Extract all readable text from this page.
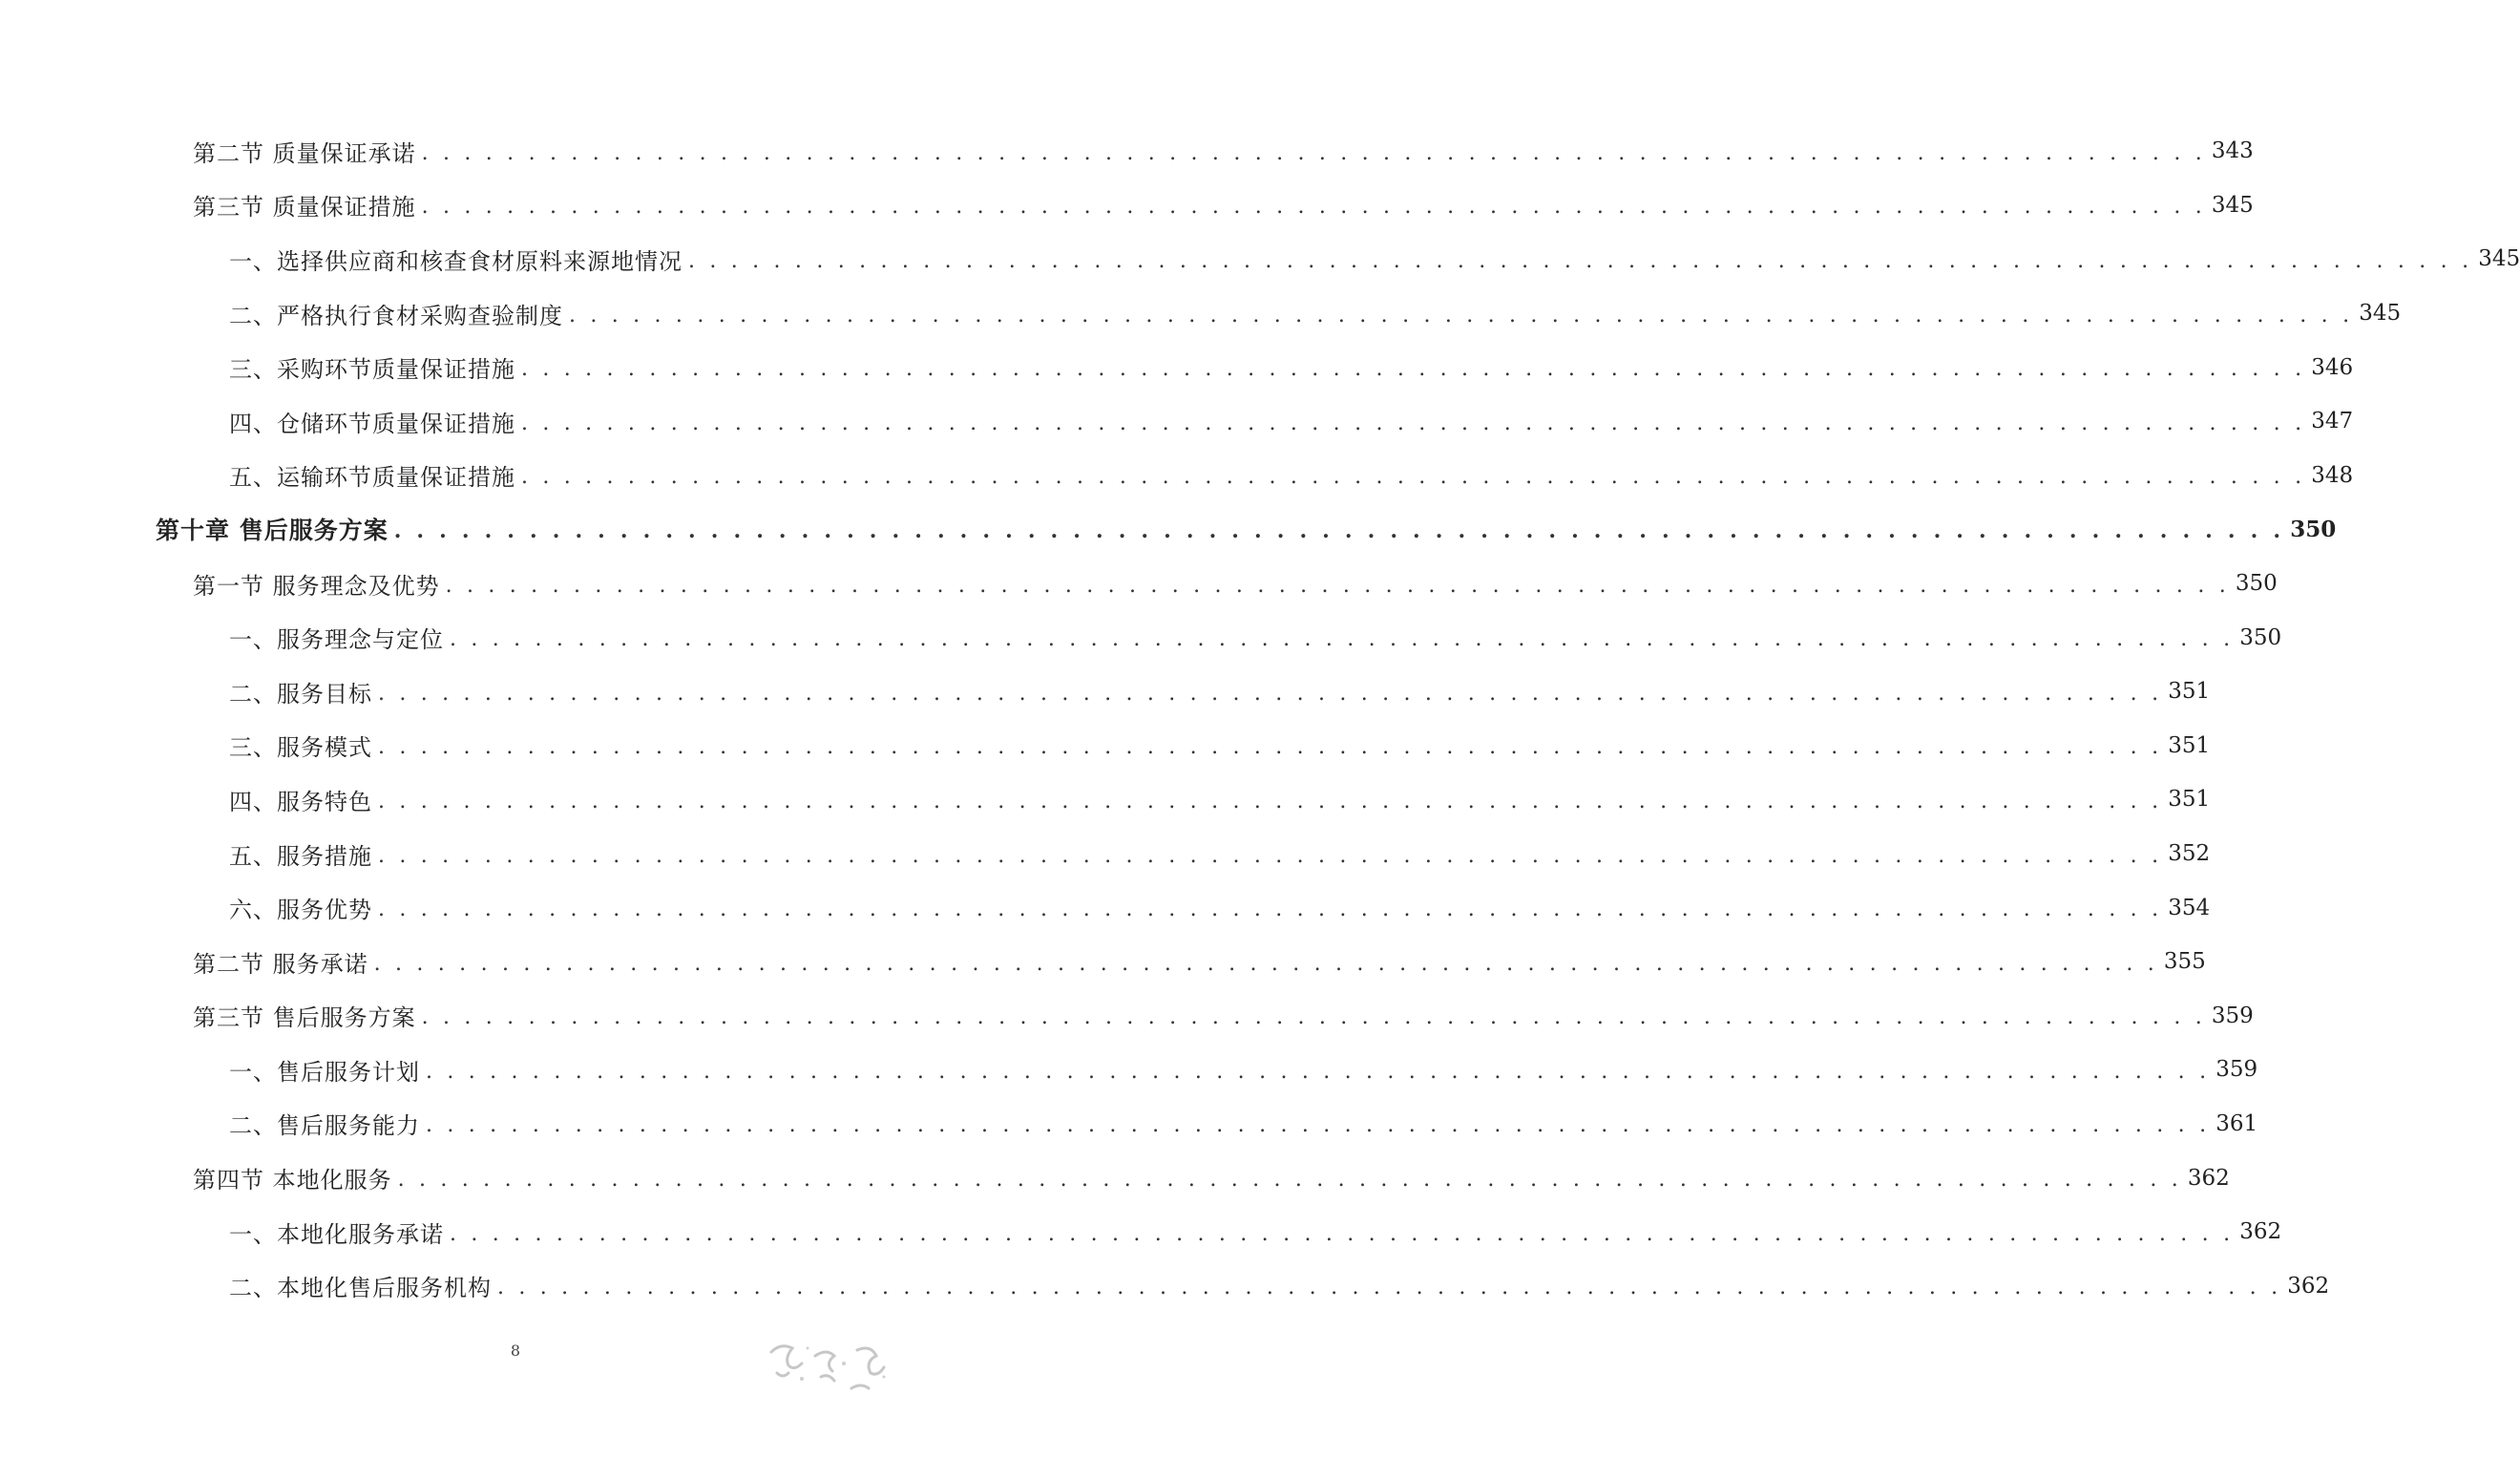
第二节 质量保证承诺 . . . . . . . . . . . . . . . . . . . . . . . . . . . . . . . . . . . . . . . . . . . . . . . . . . . . . . . . . . . . . . . . . . . . . . . . . . . . . . . . . . . . 343
第三节 质量保证措施 . . . . . . . . . . . . . . . . . . . . . . . . . . . . . . . . . . . . . . . . . . . . . . . . . . . . . . . . . . . . . . . . . . . . . . . . . . . . . . . . . . . . 345
一、选择供应商和核查食材原料来源地情况 . . . . . . . . . . . . . . . . . . . . . . . . . . . . . . . . . . . . . . . . . . . . . . . . . . . . . . . . . . . . . . . . . . . . . . . . . . . . . . . . . . . . 345
二、严格执行食材采购查验制度 . . . . . . . . . . . . . . . . . . . . . . . . . . . . . . . . . . . . . . . . . . . . . . . . . . . . . . . . . . . . . . . . . . . . . . . . . . . . . . . . . . . . 345
三、采购环节质量保证措施 . . . . . . . . . . . . . . . . . . . . . . . . . . . . . . . . . . . . . . . . . . . . . . . . . . . . . . . . . . . . . . . . . . . . . . . . . . . . . . . . . . . . 346
四、仓储环节质量保证措施 . . . . . . . . . . . . . . . . . . . . . . . . . . . . . . . . . . . . . . . . . . . . . . . . . . . . . . . . . . . . . . . . . . . . . . . . . . . . . . . . . . . . 347
五、运输环节质量保证措施 . . . . . . . . . . . . . . . . . . . . . . . . . . . . . . . . . . . . . . . . . . . . . . . . . . . . . . . . . . . . . . . . . . . . . . . . . . . . . . . . . . . . 348
第十章 售后服务方案 . . . . . . . . . . . . . . . . . . . . . . . . . . . . . . . . . . . . . . . . . . . . . . . . . . . . . . . . . . . . . . . . . . . . . . . . . . . . . . . . . . . . 350
第一节 服务理念及优势 . . . . . . . . . . . . . . . . . . . . . . . . . . . . . . . . . . . . . . . . . . . . . . . . . . . . . . . . . . . . . . . . . . . . . . . . . . . . . . . . . . . . 350
一、服务理念与定位 . . . . . . . . . . . . . . . . . . . . . . . . . . . . . . . . . . . . . . . . . . . . . . . . . . . . . . . . . . . . . . . . . . . . . . . . . . . . . . . . . . . . 350
二、服务目标 . . . . . . . . . . . . . . . . . . . . . . . . . . . . . . . . . . . . . . . . . . . . . . . . . . . . . . . . . . . . . . . . . . . . . . . . . . . . . . . . . . . . 351
三、服务模式 . . . . . . . . . . . . . . . . . . . . . . . . . . . . . . . . . . . . . . . . . . . . . . . . . . . . . . . . . . . . . . . . . . . . . . . . . . . . . . . . . . . . 351
四、服务特色 . . . . . . . . . . . . . . . . . . . . . . . . . . . . . . . . . . . . . . . . . . . . . . . . . . . . . . . . . . . . . . . . . . . . . . . . . . . . . . . . . . . . 351
五、服务措施 . . . . . . . . . . . . . . . . . . . . . . . . . . . . . . . . . . . . . . . . . . . . . . . . . . . . . . . . . . . . . . . . . . . . . . . . . . . . . . . . . . . . 352
六、服务优势 . . . . . . . . . . . . . . . . . . . . . . . . . . . . . . . . . . . . . . . . . . . . . . . . . . . . . . . . . . . . . . . . . . . . . . . . . . . . . . . . . . . . 354
第二节 服务承诺 . . . . . . . . . . . . . . . . . . . . . . . . . . . . . . . . . . . . . . . . . . . . . . . . . . . . . . . . . . . . . . . . . . . . . . . . . . . . . . . . . . . . 355
第三节 售后服务方案 . . . . . . . . . . . . . . . . . . . . . . . . . . . . . . . . . . . . . . . . . . . . . . . . . . . . . . . . . . . . . . . . . . . . . . . . . . . . . . . . . . . . 359
一、售后服务计划 . . . . . . . . . . . . . . . . . . . . . . . . . . . . . . . . . . . . . . . . . . . . . . . . . . . . . . . . . . . . . . . . . . . . . . . . . . . . . . . . . . . . 359
二、售后服务能力 . . . . . . . . . . . . . . . . . . . . . . . . . . . . . . . . . . . . . . . . . . . . . . . . . . . . . . . . . . . . . . . . . . . . . . . . . . . . . . . . . . . . 361
第四节 本地化服务 . . . . . . . . . . . . . . . . . . . . . . . . . . . . . . . . . . . . . . . . . . . . . . . . . . . . . . . . . . . . . . . . . . . . . . . . . . . . . . . . . . . . 362
一、本地化服务承诺 . . . . . . . . . . . . . . . . . . . . . . . . . . . . . . . . . . . . . . . . . . . . . . . . . . . . . . . . . . . . . . . . . . . . . . . . . . . . . . . . . . . . 362
二、本地化售后服务机构 . . . . . . . . . . . . . . . . . . . . . . . . . . . . . . . . . . . . . . . . . . . . . . . . . . . . . . . . . . . . . . . . . . . . . . . . . . . . . . . . . . . . 362
8
